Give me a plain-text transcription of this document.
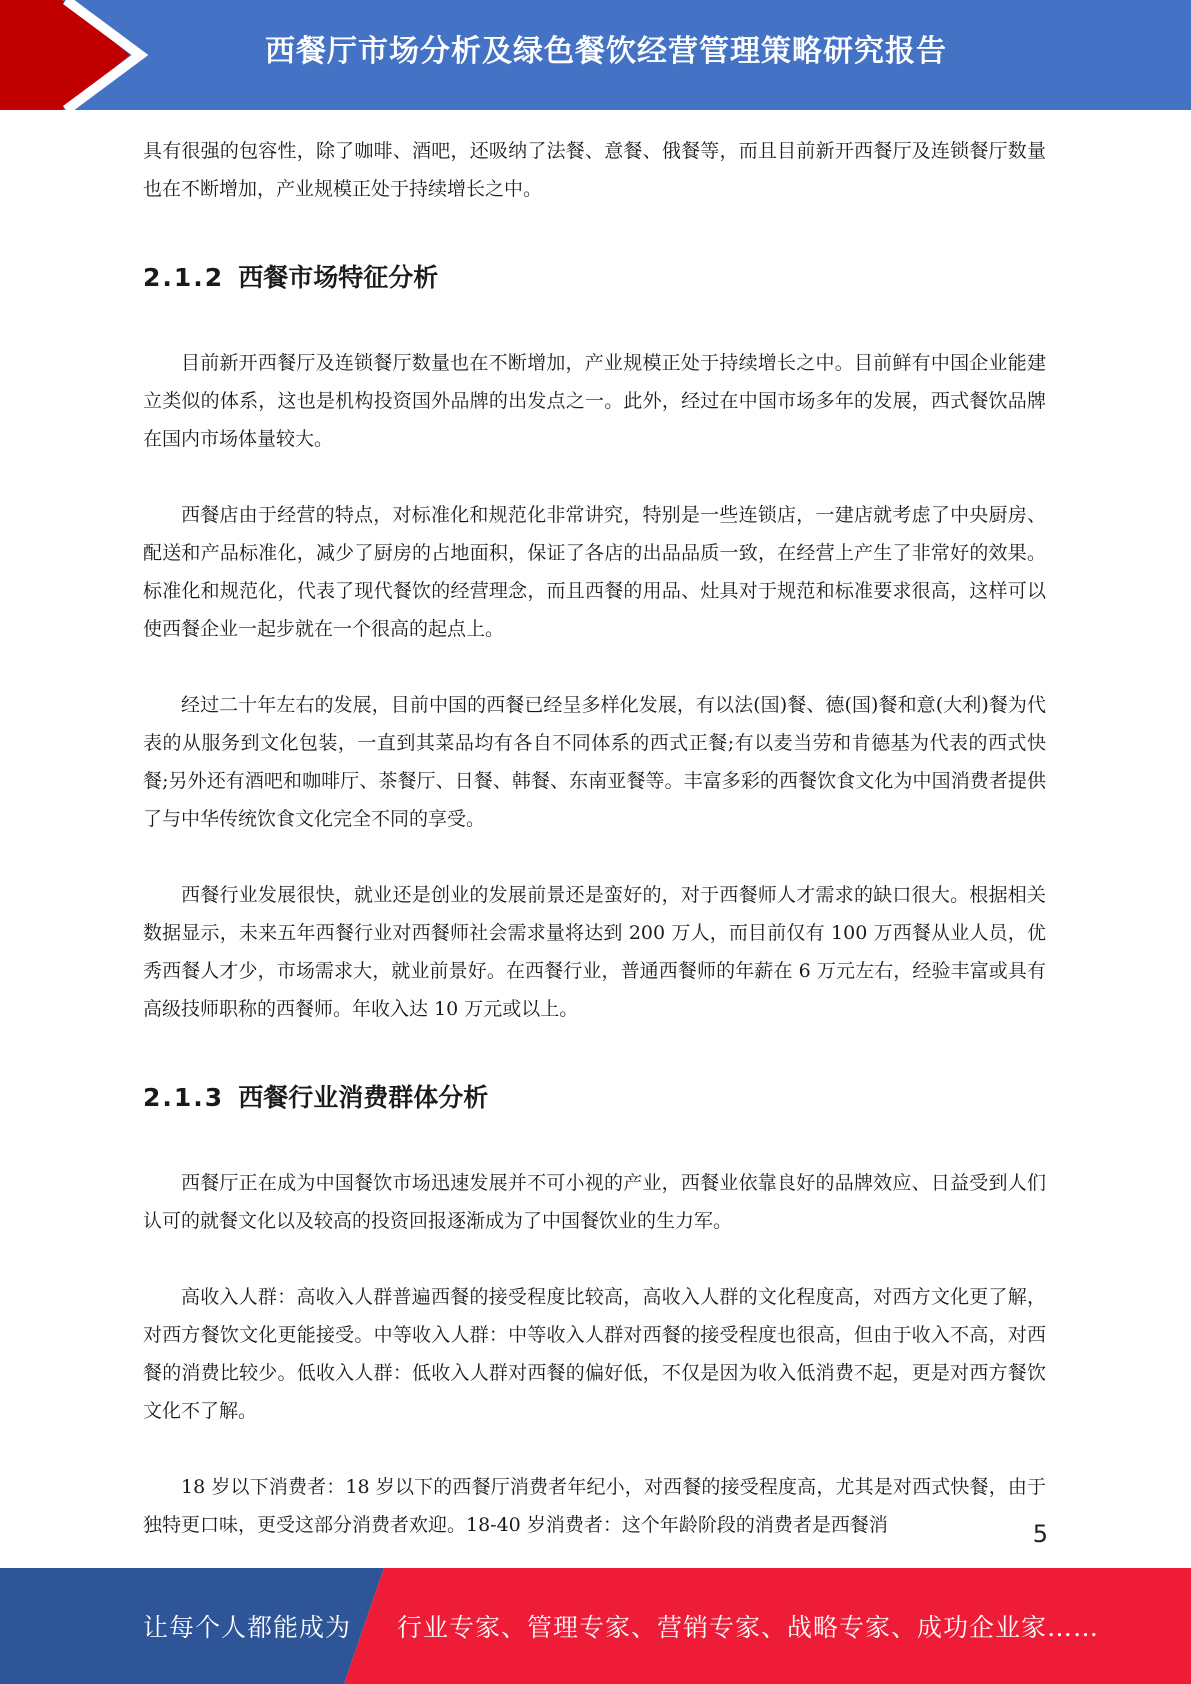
西餐厅市场分析及绿色餐饮经营管理策略研究报告

具有很强的包容性，除了咖啡、酒吧，还吸纳了法餐、意餐、俄餐等，而且目前新开西餐厅及连锁餐厅数量也在不断增加，产业规模正处于持续增长之中。

2.1.2 西餐市场特征分析

目前新开西餐厅及连锁餐厅数量也在不断增加，产业规模正处于持续增长之中。目前鲜有中国企业能建立类似的体系，这也是机构投资国外品牌的出发点之一。此外，经过在中国市场多年的发展，西式餐饮品牌在国内市场体量较大。

西餐店由于经营的特点，对标准化和规范化非常讲究，特别是一些连锁店，一建店就考虑了中央厨房、配送和产品标准化，减少了厨房的占地面积，保证了各店的出品品质一致，在经营上产生了非常好的效果。标准化和规范化，代表了现代餐饮的经营理念，而且西餐的用品、灶具对于规范和标准要求很高，这样可以使西餐企业一起步就在一个很高的起点上。

经过二十年左右的发展，目前中国的西餐已经呈多样化发展，有以法(国)餐、德(国)餐和意(大利)餐为代表的从服务到文化包装，一直到其菜品均有各自不同体系的西式正餐;有以麦当劳和肯德基为代表的西式快餐;另外还有酒吧和咖啡厅、茶餐厅、日餐、韩餐、东南亚餐等。丰富多彩的西餐饮食文化为中国消费者提供了与中华传统饮食文化完全不同的享受。

西餐行业发展很快，就业还是创业的发展前景还是蛮好的，对于西餐师人才需求的缺口很大。根据相关数据显示，未来五年西餐行业对西餐师社会需求量将达到 200 万人，而目前仅有 100 万西餐从业人员，优秀西餐人才少，市场需求大，就业前景好。在西餐行业，普通西餐师的年薪在 6 万元左右，经验丰富或具有高级技师职称的西餐师。年收入达 10 万元或以上。

2.1.3 西餐行业消费群体分析

西餐厅正在成为中国餐饮市场迅速发展并不可小视的产业，西餐业依靠良好的品牌效应、日益受到人们认可的就餐文化以及较高的投资回报逐渐成为了中国餐饮业的生力军。

高收入人群：高收入人群普遍西餐的接受程度比较高，高收入人群的文化程度高，对西方文化更了解，对西方餐饮文化更能接受。中等收入人群：中等收入人群对西餐的接受程度也很高，但由于收入不高，对西餐的消费比较少。低收入人群：低收入人群对西餐的偏好低，不仅是因为收入低消费不起，更是对西方餐饮文化不了解。

18 岁以下消费者：18 岁以下的西餐厅消费者年纪小，对西餐的接受程度高，尤其是对西式快餐，由于独特更口味，更受这部分消费者欢迎。18-40 岁消费者：这个年龄阶段的消费者是西餐消	5
让每个人都能成为 行业专家、管理专家、营销专家、战略专家、成功企业家……
